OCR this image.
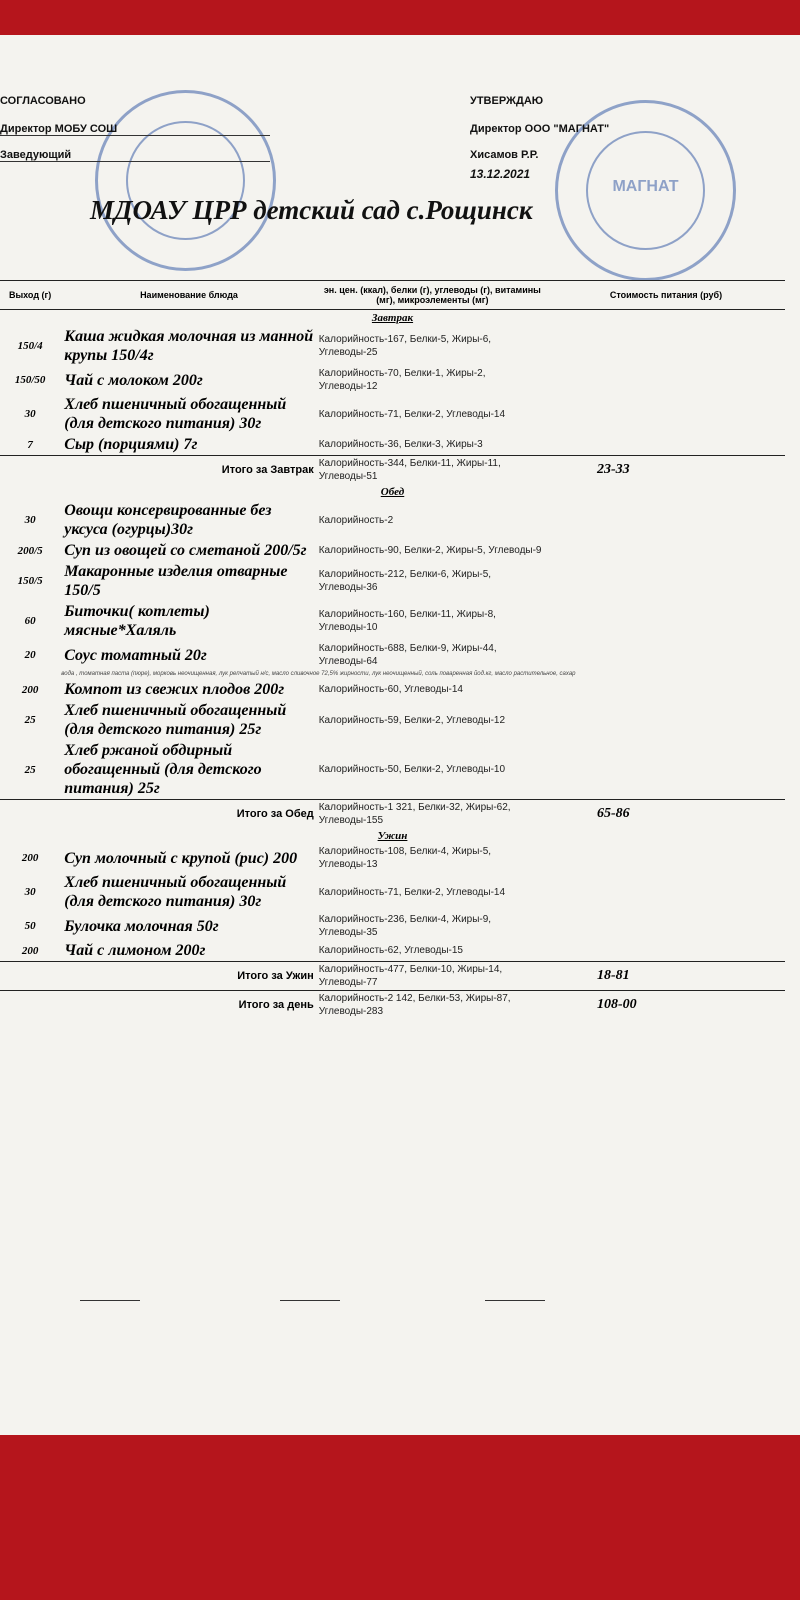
МАГНАТ
СОГЛАСОВАНО
Директор МОБУ СОШ
Заведующий
УТВЕРЖДАЮ
Директор ООО "МАГНАТ"
Хисамов Р.Р.
13.12.2021
МДОАУ ЦРР детский сад с.Рощинск
Выход (г)	Наименование блюда	эн. цен. (ккал), белки (г), углеводы (г), витамины (мг), микроэлементы (мг)	Стоимость питания (руб)
Завтрак			
150/4	Каша жидкая молочная из манной крупы 150/4г	Калорийность-167, Белки-5, Жиры-6, Углеводы-25	
150/50	Чай с молоком 200г	Калорийность-70, Белки-1, Жиры-2, Углеводы-12	
30	Хлеб пшеничный обогащенный (для детского питания) 30г	Калорийность-71, Белки-2, Углеводы-14	
7	Сыр (порциями) 7г	Калорийность-36, Белки-3, Жиры-3	
Итого за Завтрак		Калорийность-344, Белки-11, Жиры-11, Углеводы-51	23-33
Обед			
30	Овощи консервированные без уксуса (огурцы)30г	Калорийность-2	
200/5	Суп из овощей со сметаной 200/5г	Калорийность-90, Белки-2, Жиры-5, Углеводы-9	
150/5	Макаронные изделия отварные 150/5	Калорийность-212, Белки-6, Жиры-5, Углеводы-36	
60	Биточки( котлеты) мясные*Халяль	Калорийность-160, Белки-11, Жиры-8, Углеводы-10	
20	Соус томатный 20г	Калорийность-688, Белки-9, Жиры-44, Углеводы-64	
	вода , томатная паста (пюре), морковь неочищенная, лук репчатый н/с, масло сливочное 72,5% жирности, лук неочищенный, соль поваренная йод.кг, масло растительное, сахар		
200	Компот из свежих плодов 200г	Калорийность-60, Углеводы-14	
25	Хлеб пшеничный обогащенный (для детского питания) 25г	Калорийность-59, Белки-2, Углеводы-12	
25	Хлеб ржаной обдирный обогащенный (для детского питания) 25г	Калорийность-50, Белки-2, Углеводы-10	
Итого за Обед		Калорийность-1 321, Белки-32, Жиры-62, Углеводы-155	65-86
Ужин			
200	Суп молочный с крупой (рис) 200	Калорийность-108, Белки-4, Жиры-5, Углеводы-13	
30	Хлеб пшеничный обогащенный (для детского питания) 30г	Калорийность-71, Белки-2, Углеводы-14	
50	Булочка молочная 50г	Калорийность-236, Белки-4, Жиры-9, Углеводы-35	
200	Чай с лимоном 200г	Калорийность-62, Углеводы-15	
Итого за Ужин		Калорийность-477, Белки-10, Жиры-14, Углеводы-77	18-81
Итого за день		Калорийность-2 142, Белки-53, Жиры-87, Углеводы-283	108-00
